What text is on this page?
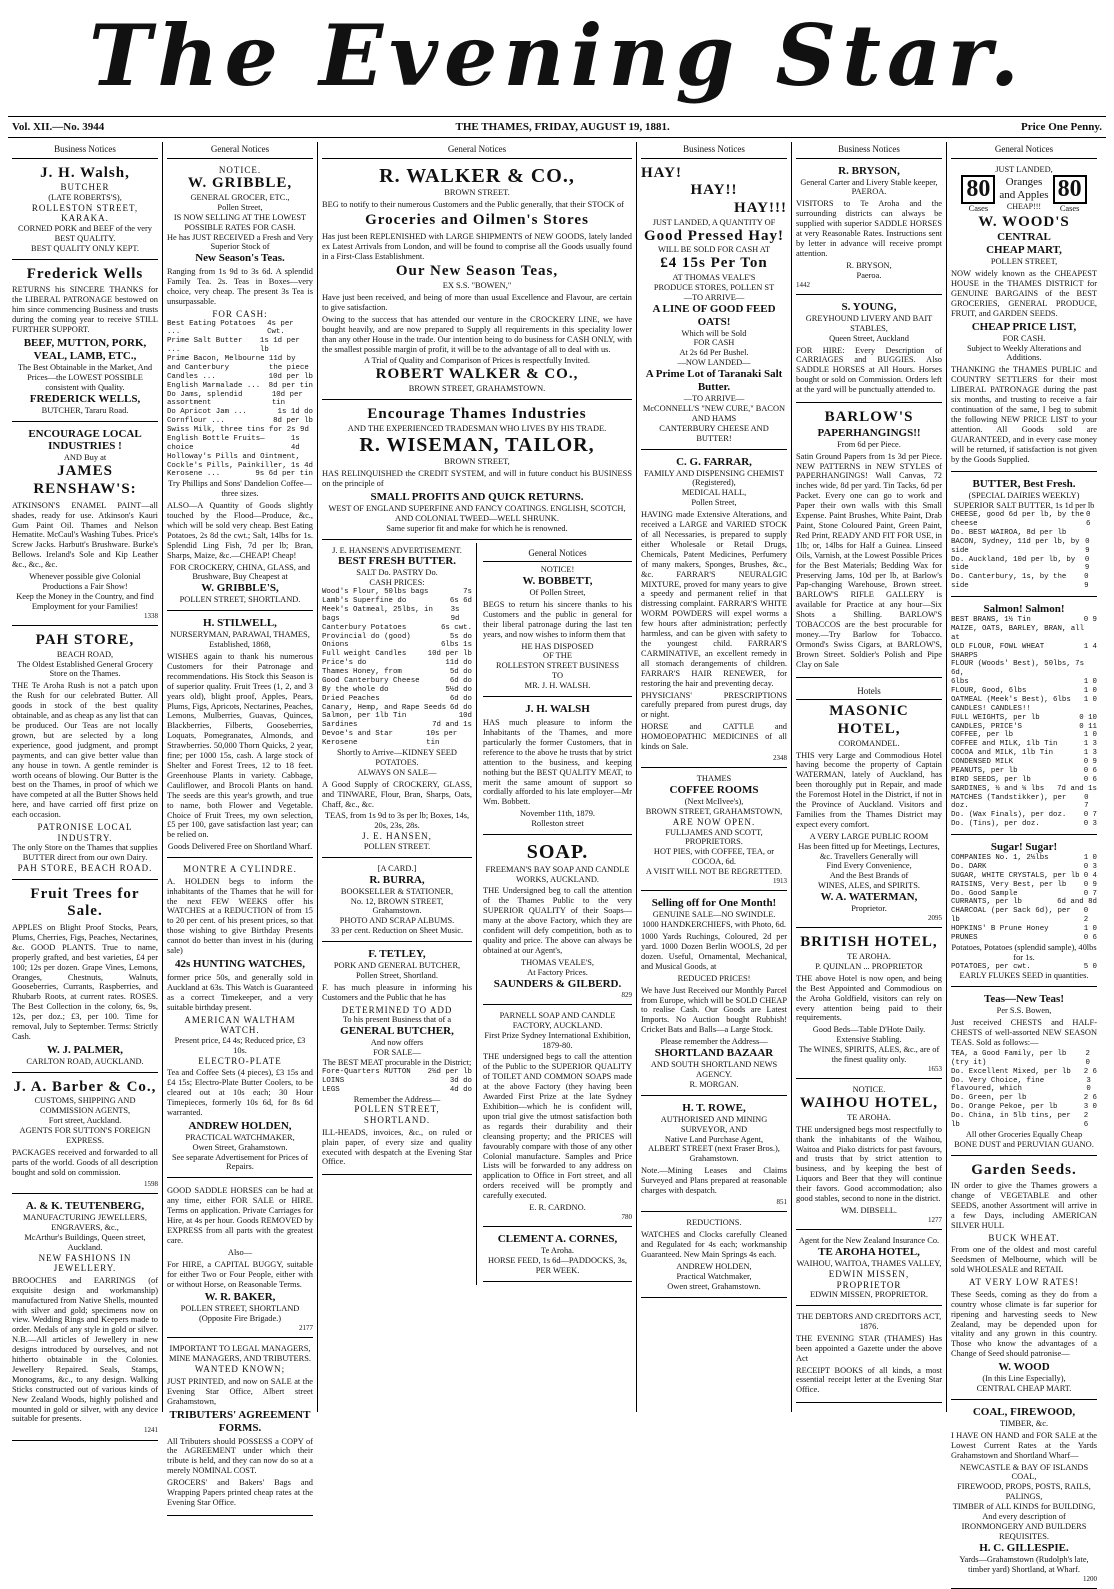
The Evening Star.
Vol. XII.—No. 3944	THE THAMES, FRIDAY, AUGUST 19, 1881.	Price One Penny.
Business Notices
J. H. Walsh,
BUTCHER
(LATE ROBERTS'S),
ROLLESTON STREET, KARAKA.
CORNED PORK and BEEF of the very BEST QUALITY.
BEST QUALITY ONLY KEPT.
Frederick Wells

RETURNS his SINCERE THANKS for the LIBERAL PATRONAGE bestowed on him since commencing Business and trusts during the coming year to receive STILL FURTHER SUPPORT.

BEEF, MUTTON, PORK, VEAL, LAMB, ETC.,
The Best Obtainable in the Market, And Prices—the LOWEST POSSIBLE consistent with Quality.
FREDERICK WELLS,
BUTCHER, Tararu Road.
ENCOURAGE LOCAL INDUSTRIES !
AND Buy at
JAMES RENSHAW'S:

ATKINSON'S ENAMEL PAINT—all shades, ready for use. Atkinson's Kauri Gum Paint Oil. Thames and Nelson Hematite. McCaul's Washing Tubes. Price's Screw Jacks. Harbutt's Brushware. Burke's Bellows. Ireland's Sole and Kip Leather &c., &c., &c.

Whenever possible give Colonial Productions a Fair Show!
Keep the Money in the Country, and find Employment for your Families!
1338
PAH STORE,
BEACH ROAD,
The Oldest Established General Grocery Store on the Thames.

THE Te Aroha Rush is not a patch upon the Rush for our celebrated Butter. All goods in stock of the best quality obtainable, and as cheap as any list that can be produced. Our Teas are not locally grown, but are selected by a long experience, good judgment, and prompt payments, and can give better value than any house in town. A gentle reminder is worth oceans of blowing. Our Butter is the best on the Thames, in proof of which we have competed at all the Butter Shows held here, and have carried off first prize on each occasion.

PATRONISE LOCAL INDUSTRY.
The only Store on the Thames that supplies BUTTER direct from our own Dairy.
PAH STORE, BEACH ROAD.
Fruit Trees for Sale.

APPLES on Blight Proof Stocks, Pears, Plums, Cherries, Figs, Peaches, Nectarines, &c. GOOD PLANTS. True to name, properly grafted, and best varieties, £4 per 100; 12s per dozen. Grape Vines, Lemons, Oranges, Chestnuts, Walnuts, Gooseberries, Currants, Raspberries, and Rhubarb Roots, at current rates. ROSES. The Best Collection in the colony, 6s, 9s, 12s, per doz.; £3, per 100. Time for removal, July to September. Terms: Strictly Cash.

W. J. PALMER,
CARLTON ROAD, AUCKLAND.
J. A. Barber & Co.,
CUSTOMS, SHIPPING AND COMMISSION AGENTS,
Fort street, Auckland.
AGENTS FOR SUTTON'S FOREIGN EXPRESS.

PACKAGES received and forwarded to all parts of the world. Goods of all description bought and sold on commission.

1598
A. & K. TEUTENBERG,
MANUFACTURING JEWELLERS, ENGRAVERS, &c.,
McArthur's Buildings, Queen street, Auckland.
NEW FASHIONS IN JEWELLERY.

BROOCHES and EARRINGS (of exquisite design and workmanship) manufactured from Native Shells, mounted with silver and gold; specimens now on view. Wedding Rings and Keepers made to order. Medals of any style in gold or silver. N.B.—All articles of Jewellery in new designs introduced by ourselves, and not hitherto obtainable in the Colonies. Jewellery Repaired. Seals, Stamps, Monograms, &c., to any design. Walking Sticks constructed out of various kinds of New Zealand Woods, highly polished and mounted in gold or silver, with any device suitable for presents.

1241
General Notices
NOTICE.
W. GRIBBLE,
GENERAL GROCER, ETC.,
Pollen Street,
IS NOW SELLING AT THE LOWEST POSSIBLE RATES FOR CASH.
He has JUST RECEIVED a Fresh and Very Superior Stock of
New Season's Teas.

Ranging from 1s 9d to 3s 6d. A splendid Family Tea. 2s. Teas in Boxes—very choice, very cheap. The present 3s Tea is unsurpassable.

FOR CASH:
Best Eating Potatoes ...
4s per Cwt.
Prime Salt Butter ...
1s 1d per lb
Prime Bacon, Melbourne and Canterbury
11d by the piece
Candles ...	10d per lb
English Marmalade ... 8d per tin
Do Jams, splendid assortment
10d per tin
Do Apricot Jam ...	1s 1d do
Cornflour ...	8d per lb
Swiss Milk, three tins for 2s 9d
English Bottle Fruits—choice
1s 4d
Holloway's Pills and Ointment,
Cockle's Pills, Painkiller, 1s 4d
Kerosene ...	9s 6d per tin
Try Phillips and Sons' Dandelion Coffee—three sizes.

ALSO—A Quantity of Goods slightly touched by the Flood—Produce, &c., which will be sold very cheap. Best Eating Potatoes, 2s 8d the cwt.; Salt, 14lbs for 1s. Splendid Ling Fish, 7d per lb; Bran, Sharps, Maize, &c.—CHEAP! Cheap!

FOR CROCKERY, CHINA, GLASS, and Brushware, Buy Cheapest at
W. GRIBBLE'S,
POLLEN STREET, SHORTLAND.
H. STILWELL,
NURSERYMAN, PARAWAI, THAMES,
Established, 1868,

WISHES again to thank his numerous Customers for their Patronage and recommendations. His Stock this Season is of superior quality. Fruit Trees (1, 2, and 3 years old), blight proof, Apples, Pears, Plums, Figs, Apricots, Nectarines, Peaches, Lemons, Mulberries, Guavas, Quinces, Blackberries, Filberts, Gooseberries, Loquats, Pomegranates, Almonds, and Strawberries. 50,000 Thorn Quicks, 2 year, fine; per 1000 15s, cash. A large stock of Shelter and Forest Trees, 12 to 18 feet. Greenhouse Plants in variety. Cabbage, Cauliflower, and Brocoli Plants on hand. The seeds are this year's growth, and true to name, both Flower and Vegetable. Choice of Fruit Trees, my own selection, £5 per 100, gave satisfaction last year; can be relied on.

Goods Delivered Free on Shortland Wharf.
MONTRE A CYLINDRE.

A. HOLDEN begs to inform the inhabitants of the Thames that he will for the next FEW WEEKS offer his WATCHES at a REDUCTION of from 15 to 20 per cent. of his present prices, so that those wishing to give Birthday Presents cannot do better than invest in his (during sale)

42s HUNTING WATCHES,

former price 50s, and generally sold in Auckland at 63s. This Watch is Guaranteed as a correct Timekeeper, and a very suitable birthday present.

AMERICAN WALTHAM WATCH.
Present price, £4 4s; Reduced price, £3 10s.
ELECTRO-PLATE

Tea and Coffee Sets (4 pieces), £3 15s and £4 15s; Electro-Plate Butter Coolers, to be cleared out at 10s each; 30 Hour Timepieces, formerly 10s 6d, for 8s 6d warranted.

ANDREW HOLDEN,
PRACTICAL WATCHMAKER,
Owen Street, Grahamstown.
See separate Advertisement for Prices of Repairs.

GOOD SADDLE HORSES can be had at any time, either FOR SALE or HIRE. Terms on application. Private Carriages for Hire, at 4s per hour. Goods REMOVED by EXPRESS from all parts with the greatest care.

Also—

For HIRE, a CAPITAL BUGGY, suitable for either Two or Four People, either with or without Horse, on Reasonable Terms.

W. R. BAKER,
POLLEN STREET, SHORTLAND (Opposite Fire Brigade.)
2177
IMPORTANT TO LEGAL MANAGERS, MINE MANAGERS, AND TRIBUTERS.
WANTED KNOWN;

JUST PRINTED, and now on SALE at the Evening Star Office, Albert street Grahamstown,

TRIBUTERS' AGREEMENT FORMS.

All Tributers should POSSESS a COPY of the AGREEMENT under which their tribute is held, and they can now do so at a merely NOMINAL COST.

GROCERS' and Bakers' Bags and Wrapping Papers printed cheap rates at the Evening Star Office.

General Notices
R. WALKER & CO.,
BROWN STREET.

BEG to notify to their numerous Customers and the Public generally, that their STOCK of

Groceries and Oilmen's Stores

Has just been REPLENISHED with LARGE SHIPMENTS of NEW GOODS, lately landed ex Latest Arrivals from London, and will be found to comprise all the Goods usually found in a First-Class Establishment.

Our New Season Teas,
EX S.S. "BOWEN,"

Have just been received, and being of more than usual Excellence and Flavour, are certain to give satisfaction.

Owing to the success that has attended our venture in the CROCKERY LINE, we have bought heavily, and are now prepared to Supply all requirements in this speciality lower than any other House in the trade. Our intention being to do business for CASH ONLY, with the smallest possible margin of profit, it will be to the advantage of all to deal with us.

A Trial of Quality and Comparison of Prices is respectfully Invited.
ROBERT WALKER & CO.,
BROWN STREET, GRAHAMSTOWN.
Encourage Thames Industries
AND THE EXPERIENCED TRADESMAN WHO LIVES BY HIS TRADE.
R. WISEMAN, TAILOR,
BROWN STREET,

HAS RELINQUISHED the CREDIT SYSTEM, and will in future conduct his BUSINESS on the principle of

SMALL PROFITS AND QUICK RETURNS.
WEST OF ENGLAND SUPERFINE AND FANCY COATINGS. ENGLISH, SCOTCH, AND COLONIAL TWEED—WELL SHRUNK.
Same superior fit and make for which he is renowned.
J. E. HANSEN'S ADVERTISEMENT.
BEST FRESH BUTTER.
SALT Do. PASTRY Do.
CASH PRICES:
Wood's Flour, 50lbs bags	7s
Lamb's Superfine do	6s 6d
Meek's Oatmeal, 25lbs, in bags
3s 9d
Canterbury Potatoes	6s cwt.
Provincial do (good)	5s do
Onions	6lbs 1s
Full weight Candles	10d per lb
Price's do	11d do
Thames Honey, from	5d do
Good Canterbury Cheese	6d do
By the whole do	5½d do
Dried Peaches	6d do
Canary, Hemp, and Rape Seeds 6d do
Salmon, per 1lb Tin	10d
Sardines	7d and 1s
Devoe's and Star Kerosene
10s per tin
Shortly to Arrive—KIDNEY SEED POTATOES.
ALWAYS ON SALE—

A Good Supply of CROCKERY, GLASS, and TINWARE, Flour, Bran, Sharps, Oats, Chaff, &c., &c.

TEAS, from 1s 9d to 3s per lb; Boxes, 14s, 20s, 23s, 28s.
J. E. HANSEN,
POLLEN STREET.
[A CARD.]
R. BURRA,
BOOKSELLER & STATIONER,
No. 12, BROWN STREET,
Grahamstown.
PHOTO AND SCRAP ALBUMS.
33 per cent. Reduction on Sheet Music.
F. TETLEY,
PORK AND GENERAL BUTCHER,
Pollen Street, Shortland.

F. has much pleasure in informing his Customers and the Public that he has

DETERMINED TO ADD
To his present Business that of a
GENERAL BUTCHER,
And now offers
FOR SALE—
The BEST MEAT procurable in the District;
Fore-Quarters MUTTON 2½d per lb
LOINS	3d do
LEGS	4d do
Remember the Address—
POLLEN STREET, SHORTLAND.

ILL-HEADS, invoices, &c., on ruled or plain paper, of every size and quality executed with despatch at the Evening Star Office.

General Notices
NOTICE!
W. BOBBETT,
Of Pollen Street,

BEGS to return his sincere thanks to his Customers and the public in general for their liberal patronage during the last ten years, and now wishes to inform them that

HE HAS DISPOSED
OF THE
ROLLESTON STREET BUSINESS
TO
MR. J. H. WALSH.
J. H. WALSH

HAS much pleasure to inform the Inhabitants of the Thames, and more particularly the former Customers, that in reference to the above he trusts that by strict attention to the business, and keeping nothing but the BEST QUALITY MEAT, to merit the same amount of support so cordially afforded to his late employer—Mr Wm. Bobbett.

November 11th, 1879.
Rolleston street
SOAP.
FREEMAN'S BAY SOAP AND CANDLE WORKS, AUCKLAND.

THE Undersigned beg to call the attention of the Thames Public to the very SUPERIOR QUALITY of their Soaps—many at the above Factory, which they are confident will defy competition, both as to quality and price. The above can always be obtained at our Agent's,

THOMAS VEALE'S,
At Factory Prices.
SAUNDERS & GILBERD.
829
PARNELL SOAP AND CANDLE FACTORY, AUCKLAND.
First Prize Sydney International Exhibition, 1879-80.

THE undersigned begs to call the attention of the Public to the SUPERIOR QUALITY of TOILET AND COMMON SOAPS made at the above Factory (they having been Awarded First Prize at the late Sydney Exhibition—which he is confident will, upon trial give the utmost satisfaction both as regards their durability and their cleansing property; and the PRICES will favourably compare with those of any other Colonial manufacture. Samples and Price Lists will be forwarded to any address on application to Office in Fort street, and all orders received will be promptly and carefully executed.

E. R. CARDNO.
780
CLEMENT A. CORNES,
Te Aroha.
HORSE FEED, 1s 6d—PADDOCKS, 3s, PER WEEK.
Business Notices
HAY!
HAY!!
HAY!!!
JUST LANDED, A QUANTITY OF
Good Pressed Hay!
WILL BE SOLD FOR CASH AT
£4 15s Per Ton
AT THOMAS VEALE'S
PRODUCE STORES, POLLEN ST
—TO ARRIVE—
A LINE OF GOOD FEED OATS!
Which will be Sold
FOR CASH
At 2s 6d Per Bushel.
—NOW LANDED—
A Prime Lot of Taranaki Salt Butter.
—TO ARRIVE—
McCONNELL'S "NEW CURE," BACON AND HAMS
CANTERBURY CHEESE AND BUTTER!
C. G. FARRAR,
FAMILY AND DISPENSING CHEMIST (Registered),
MEDICAL HALL,
Pollen Street,

HAVING made Extensive Alterations, and received a LARGE and VARIED STOCK of all Necessaries, is prepared to supply either Wholesale or Retail Drugs, Chemicals, Patent Medicines, Perfumery of many makers, Sponges, Brushes, &c., &c. FARRAR'S NEURALGIC MIXTURE, proved for many years to give a speedy and permanent relief in that distressing complaint. FARRAR'S WHITE WORM POWDERS will expel worms a few hours after administration; perfectly harmless, and can be given with safety to the youngest child. FARRAR'S CARMINATIVE, an excellent remedy in all stomach derangements of children. FARRAR'S HAIR RENEWER, for restoring the hair and preventing decay.

PHYSICIANS' PRESCRIPTIONS carefully prepared from purest drugs, day or night.

HORSE and CATTLE and HOMOEOPATHIC MEDICINES of all kinds on Sale.

2348
THAMES
COFFEE ROOMS
(Next McIlvee's),
BROWN STREET, GRAHAMSTOWN,
ARE NOW OPEN.
FULLJAMES AND SCOTT,
PROPRIETORS.
HOT PIES, with COFFEE, TEA, or COCOA, 6d.
A VISIT WILL NOT BE REGRETTED.
1913
Selling off for One Month!
GENUINE SALE—NO SWINDLE.
1000 HANDKERCHIEFS, with Photo, 6d.

1000 Yards Ruchings, Coloured, 2d per yard. 1000 Dozen Berlin WOOLS, 2d per dozen. Useful, Ornamental, Mechanical, and Musical Goods, at

REDUCED PRICES!

We have Just Received our Monthly Parcel from Europe, which will be SOLD CHEAP to realise Cash. Our Goods are Latest Imports. No Auction bought Rubbish! Cricket Bats and Balls—a Large Stock.

Please remember the Address—
SHORTLAND BAZAAR
AND SOUTH SHORTLAND NEWS AGENCY.
R. MORGAN.
H. T. ROWE,
AUTHORISED AND MINING SURVEYOR, AND
Native Land Purchase Agent,
ALBERT STREET (next Fraser Bros.),
Grahamstown.

Note.—Mining Leases and Claims Surveyed and Plans prepared at reasonable charges with despatch.

851
REDUCTIONS.

WATCHES and Clocks carefully Cleaned and Regulated for 4s each; workmanship Guaranteed. New Main Springs 4s each.

ANDREW HOLDEN,
Practical Watchmaker,
Owen street, Grahamstown.
Business Notices
R. BRYSON,
General Carter and Livery Stable keeper,
PAEROA.

VISITORS to Te Aroha and the surrounding districts can always be supplied with superior SADDLE HORSES at very Reasonable Rates. Instructions sent by letter in advance will receive prompt attention.

R. BRYSON,
Paeroa.
1442
S. YOUNG,
GREYHOUND LIVERY AND BAIT STABLES,
Queen Street, Auckland

FOR HIRE: Every Description of CARRIAGES and BUGGIES. Also SADDLE HORSES at All Hours. Horses bought or sold on Commission. Orders left at the yard will be punctually attended to.

BARLOW'S
PAPERHANGINGS!!
From 6d per Piece.

Satin Ground Papers from 1s 3d per Piece. NEW PATTERNS in NEW STYLES of PAPERHANGINGS! Wall Canvas, 72 inches wide, 8d per yard. Tin Tacks, 6d per Packet. Every one can go to work and Paper their own walls with this Small Expense. Paint Brushes, White Paint, Drab Paint, Stone Coloured Paint, Green Paint, Red Print, READY AND FIT FOR USE, in 1lb; or, 14lbs for Half a Guinea. Linseed Oils, Varnish, at the Lowest Possible Prices for the Best Materials; Bedding Wax for Preserving Jams, 10d per lb, at Barlow's Pap-changing Warehouse, Brown street. BARLOW'S RIFLE GALLERY is available for Practice at any hour—Six Shots a Shilling. BARLOW'S TOBACCOS are the best procurable for money.—Try Barlow for Tobacco. Ormond's Swiss Cigars, at BARLOW'S, Brown Street. Soldier's Polish and Pipe Clay on Sale

Hotels
MASONIC HOTEL,
COROMANDEL.

THIS very Large and Commodious Hotel having become the property of Captain WATERMAN, lately of Auckland, has been thoroughly put in Repair, and made the Foremost Hotel in the District, if not in the Province of Auckland. Visitors and Families from the Thames District may expect every comfort.

A VERY LARGE PUBLIC ROOM
Has been fitted up for Meetings, Lectures, &c. Travellers Generally will
Find Every Convenience,
And the Best Brands of
WINES, ALES, and SPIRITS.
W. A. WATERMAN,
Proprietor.
2095
BRITISH HOTEL,
TE AROHA.
P. QUINLAN ... PROPRIETOR

THE above Hotel is now open, and being the Best Appointed and Commodious on the Aroha Goldfield, visitors can rely on every attention being paid to their requirements.

Good Beds—Table D'Hote Daily.
Extensive Stabling.
The WINES, SPIRITS, ALES, &c., are of the finest quality only.
1653
NOTICE.
WAIHOU HOTEL,
TE AROHA.

THE undersigned begs most respectfully to thank the inhabitants of the Waihou, Waitoa and Piako districts for past favours, and trusts that by strict attention to business, and by keeping the best of Liquors and Beer that they will continue their favors. Good accommodation; also good stables, second to none in the district.

WM. DIBSELL.
1277
Agent for the New Zealand Insurance Co.
TE AROHA HOTEL,
WAIHOU, WAITOA, THAMES VALLEY,
EDWIN MISSEN, PROPRIETOR
EDWIN MISSEN, PROPRIETOR.
THE DEBTORS AND CREDITORS ACT, 1876.

THE EVENING STAR (THAMES) Has been appointed a Gazette under the above Act

RECEIPT BOOKS of all kinds, a most essential receipt letter at the Evening Star Office.

General Notices
JUST LANDED,
80
Cases
Oranges
and Apples
CHEAP!!!
80
Cases
W. WOOD'S
CENTRAL
CHEAP MART,
POLLEN STREET,

NOW widely known as the CHEAPEST HOUSE in the THAMES DISTRICT for GENUINE BARGAINS of the BEST GROCERIES, GENERAL PRODUCE, FRUIT, and GARDEN SEEDS.

CHEAP PRICE LIST,
FOR CASH.
Subject to Weekly Alterations and Additions.

THANKING the THAMES PUBLIC and COUNTRY SETTLERS for their most LIBERAL PATRONAGE during the past six months, and trusting to receive a fair continuation of the same, I beg to submit the following NEW PRICE LIST to your attention. All Goods sold are GUARANTEED, and in every case money will be returned, if satisfaction is not given by the Goods Supplied.

BUTTER, Best Fresh.
(SPECIAL DAIRIES WEEKLY)
SUPERIOR SALT BUTTER, 1s 1d per lb
CHEESE, good 6d per lb, by the cheese
0 6
Do. BEST WAIROA, 8d per lb
BACON, Sydney, 11d per lb, by side
0 9
Do. Auckland, 10d per lb, by side
0 9
Do. Canterbury, 1s, by the side
0 9
Salmon! Salmon!
BEST BRANS, 1½ Tin	0 9
MAIZE, OATS, BARLEY, BRAN, all at
OLD FLOUR, FOWL WHEAT	1 4
SHARPS
FLOUR (Woods' Best), 50lbs, 7s 6d,
6lbs	1 0
FLOUR, Good, 6lbs	1 0
OATMEAL (Meek's Best), 6lbs 1 0
CANDLES! CANDLES!!
FULL WEIGHTS, per lb	0 10
CANDLES, PRICE'S	0 11
COFFEE, per lb	1 0
COFFEE and MILK, 1lb Tin	1 3
COCOA and MILK, 1lb Tin	1 3
CONDENSED MILK	0 9
PEANUTS, per lb	0 6
BIRD SEEDS, per lb	0 6
SARDINES, ½ and ¼ lbs 7d and 1s
MATCHES (Tandstikker), per doz.
0 7
Do. (Wax Finals), per doz. 0 7
Do. (Tins), per doz.	0 3
Sugar! Sugar!
COMPANIES No. 1, 2½lbs	1 0
Do. DARK	0 3
SUGAR, WHITE CRYSTALS, per lb 0 4
RAISINS, Very Best, per lb 0 9
Do. Good Sample	0 7
CURRANTS, per lb	6d and 8d
CHARCOAL (per Sack 6d), per lb
0 2
HOPKINS' B Prune Honey	1 0
PRUNES	0 6
Potatoes, Potatoes (splendid sample), 40lbs for 1s.
POTATOES, per cwt.	5 0
EARLY FLUKES SEED in quantities.
Teas—New Teas!
Per S.S. Bowen,

Just received CHESTS and HALF-CHESTS of well-assorted NEW SEASON TEAS. Sold as follows:—

TEA, a Good Family, per lb (try it)
2 0
Do. Excellent Mixed, per lb 2 6
Do. Very Choice, fine flavoured, which
3 0
Do. Green, per lb	2 6
Do. Orange Pekoe, per lb	3 0
Do. China, in 5lb tins, per lb
2 6
All other Groceries Equally Cheap
BONE DUST and PERUVIAN GUANO.
Garden Seeds.

IN order to give the Thames growers a change of VEGETABLE and other SEEDS, another Assortment will arrive in a few Days, including AMERICAN SILVER HULL

BUCK WHEAT.

From one of the oldest and most careful Seedsmen of Melbourne, which will be sold WHOLESALE and RETAIL

AT VERY LOW RATES!

These Seeds, coming as they do from a country whose climate is far superior for ripening and harvesting seeds to New Zealand, may be depended upon for vitality and any grown in this country. Those who know the advantages of a Change of Seed should patronise—

W. WOOD
(In this Line Especially),
CENTRAL CHEAP MART.
COAL, FIREWOOD,
TIMBER, &c.

I HAVE ON HAND and FOR SALE at the Lowest Current Rates at the Yards Grahamstown and Shortland Wharf—

NEWCASTLE & BAY OF ISLANDS
COAL,
FIREWOOD, PROPS, POSTS, RAILS, PALINGS,
TIMBER of ALL KINDS for BUILDING,
And every description of
IRONMONGERY AND BUILDERS REQUISITES.
H. C. GILLESPIE.
Yards—Grahamstown (Rudolph's late, timber yard) Shortland, at Wharf.
1200
